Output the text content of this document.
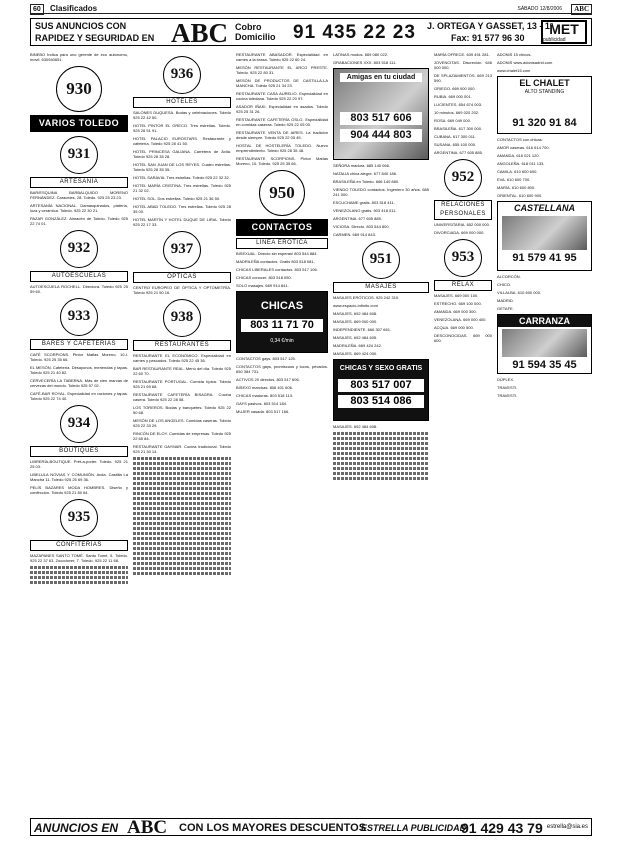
60	Clasificados	SÁBADO 12/8/2006	ABC
SUS ANUNCIOS CON
RAPIDEZ Y SEGURIDAD EN ABC Cobro
Domicilio 91 435 22 23 J. ORTEGA Y GASSET, 13 - 1º
Fax: 91 577 96 30
MET
publicidad
BINEBO Indica para uno gerente de eco autonomo, movil. 630940651.
930
VARIOS TOLEDO
931
ARTESANÍA
BAR/ESQUINA BARBALQUIDO MORENO FERNÁNDEZ. Caraceles, 28. Toledo. 925 25 23 23.
ARTESANÍA NACIONAL. Damasquinados, platería, loza y cerámica. Toledo. 925 22 30 21.
PAZAR GONZÁLEZ. Almacén de Toledo. Toledo 925 22 74 01.
932
AUTOESCUELAS
AUTOESCUELA ROCHELL. Directora. Toledo 925 25 59 60.
933
BARES Y CAFETERÍAS
CAFÉ SCORPIONS. Pintor Matias Moreno, 10-I. Toledo. 925 25 35 66.
EL MESÓN. Cafetería. Desayunos, meriendas y tapas. Toledo 925 21 40 82.
CERVECERÍA LA TABERNA. Más de cien marcas de cervezas del mundo. Toledo 925 57 02.
CAFÉ-BAR ROYAL. Especialidad en raciones y tapas. Toledo 925 22 74 40.
934
BOUTIQUES
LIBRERÍA-BOUTIQUE. Prêt-a-porter. Toledo. 925 21 25 03.
LIBELULA NOVIAS Y COMUNIÓN. Avda. Castilla La Mancha 11. Toledo 925 25 69 36.
PELÍS BAZARES MODA HOMBRES. Diseño y confección. Toledo 925 21 80 64.
935
CONFITERÍAS
MAZAPANES SANTO TOMÉ. Santo Tomé, 5. Toledo. 925 22 37 63. Zocodover, 7. Toledo. 925 22 11 68.
936
HOTELES
SALONES DUQUESA. Bodas y celebraciones. Toledo 925 22 42 50.
HOTEL PINTOR EL GRECO. Tres estrellas. Toledo. 925 28 51 91.
HOTEL PALACIO EUROSTARS. Restaurante y cafetería. Toledo 925 28 41 50.
HOTEL PRINCESA GALIANA. Carretera de Ávila. Toledo 925 28 35 28.
HOTEL SAN JUAN DE LOS REYES. Cuatro estrellas. Toledo 925 28 35 35.
HOTEL SARAVIA. Tres estrellas. Toledo 925 22 32 32.
HOTEL MARÍA CRISTINA. Tres estrellas. Toledo 925 21 32 02.
HOTEL SOL. Dos estrellas. Toledo 925 21 36 50.
HOTEL ABAD TOLEDO. Tres estrellas. Toledo 925 28 35 00.
HOTEL MARTÍN Y HOTEL DUQUE DE LIRIA. Toledo 925 22 17 33.
937
ÓPTICAS
CENTRO EUROPEO DE ÓPTICA Y OPTOMETRÍA. Toledo 925 21 50 16.
938
RESTAURANTES
RESTAURANTE EL ECONÓMICO. Especialidad en carnes y pescados. Toledo 925 22 45 36.
BAR RESTAURANTE REAL. Menú del día. Toledo 925 22 60 70.
RESTAURANTE PORTUGAL. Comida típica. Toledo 925 21 69 68.
RESTAURANTE CAFETERÍA BISAGRA. Cocina casera. Toledo 925 22 28 58.
LOS TOREROS. Bodas y banquetes. Toledo 925 22 50 68.
MESÓN DE LOS ANGELES. Comidas caseras. Toledo 925 22 33 29.
RINCÓN DE ELOY. Comidas de empresas. Toledo 925 22 65 84.
RESTAURANTE GAYMAR. Cocina tradicional. Toledo 925 21 30 14.
RESTAURANTE ABASADOR. Especialidad en carnes a la brasa. Toledo 925 22 60 24.
MESÓN RESTAURANTE EL ARCO PRESTE. Toledo. 925 22 80 31.
MESÓN DE PRODUCTOS DE CASTILLA-LA MANCHA. Toledo 925 21 34 23.
RESTAURANTE CASA AURELIO. Especialidad en cocina toledana. Toledo 925 22 20 97.
ASADOR IÑAKI. Especialidad en asados. Toledo 925 25 31 26.
RESTAURANTE CAFETERÍA OSLO. Especialidad en comidas caseras. Toledo 925 22 05 00.
RESTAURANTE VENTA DE AIRES. La tradición desde siempre. Toledo 925 22 05 45.
HOSTAL DE HOSTELERÍA TOLEDO. Nuevo emprendimiento. Toledo 925 28 35 48.
RESTAURANTE SCORPIONS. Pintor Matías Moreno, 10. Toledo. 925 25 35 66.
950
CONTACTOS
LÍNEA ERÓTICA
BISEXUAL. Directo sin esperas! 803 544 884.
MADRILEÑA contactos. Gratis 803 518 081.
CHICAS LIBERALES contactos. 803 517 106.
CHICAS conocer. 803 518 050.
SOLO masajes. 669 914 841.
CHICAS
803 11 71 70
0,34 €/min
CONTACTOS gays. 803 517 125.
CONTACTOS gays, promiscuos y locos, privados. 650 384 731.
ACTIVOS 20 directos. 803 517 606.
BISEXO marchas. 806 401 606.
CHICAS maduras. 803 518 113.
GAYS pasivos. 803 514 184.
MUJER casada. 803 517 166.
LATINAS modos. 669 080 022.
GRABACIONES XXX. 803 518 111.
Amigas en tu ciudad
803 517 606
904 444 803
SEÑORA madura. 685 140 066.
NATALIA chica alegre. 677 840 186.
BRASILEÑA en Toledo. 666 140 880.
VIENDO TOLEDO contactos. Ingeniero 30 años. 685 241 000.
ESCUCHAME gratis. 803 518 411.
VENEZOLANO gratis. 903 418 011.
ARGENTINA. 677 605 885.
VICIOSA. Directo. 803 544 800.
CARMEN. 669 914 843.
951
MASAJES
MASAJES ERÓTICOS. 925 242 310.
www.espacio-infinito.com
MASAJES. 692 484 608.
MASAJES. 669 000 000.
INDEPENDIENTE. 666 307 661.
MASAJES. 692 484 605.
MADRILEÑA. 669 424 242.
MASAJES. 669 424 000.
CHICAS Y SEXO GRATIS
803 517 007
803 514 086
MASAJES. 692 484 608.
MARÍA OFRECE. 639 491 281.
JOVENCITAS. Discreción. 646 000 000.
DE SPLAZAMIENTOS. 669 213 590.
GRIEGO. 669 000 000.
RUBIA. 669 000 001.
LUCIENTES. 654 674 003.
10 minutos. 669 020 202.
ROSA. 669 049 000.
BRASILEÑA. 617 300 000.
CUBANA. 617 300 011.
SUSANA. 655 100 000.
ARGENTINA. 677 605 885.
952
RELACIONES PERSONALES
UNIVERSITARIA. 652 000 000.
DIVORCIADA. 669 000 000.
953
RELAX
MASAJES. 669 000 100.
ESTRECHO. 669 100 000.
AMANDA. 669 000 300.
VENEZOLANA. 669 000 400.
ACQUA. 669 000 500.
DESCONOCIDAS. 669 000 600.
ADONIS 15 chicos.
ADONIS www.adonisadrid.com
www.chalet15.com
EL CHALET
ALTO STANDING
91 320 91 84
CONTACTOS con chicas.
AMOR caseras. 616 614 700.
AMANDA. 616 021 120.
ANGOLEÑA. 618 011 133.
CAMILA. 610 600 600.
EVA. 610 600 700.
MARÍA. 610 600 800.
ORIENTAL. 610 600 900.
CASTELLANA
91 579 41 95
ALCORCÓN.
CHICO.
VILLALBA. 610 600 000.
MADRID.
GETAFE.
CARRANZA
91 594 35 45
DÚPLEX.
TRAVESTI.
TRAVESTI.
ANUNCIOS EN ABC CON LOS MAYORES DESCUENTOS
ESTRELLA PUBLICIDAD
91 429 43 79 estrella@sia.es
